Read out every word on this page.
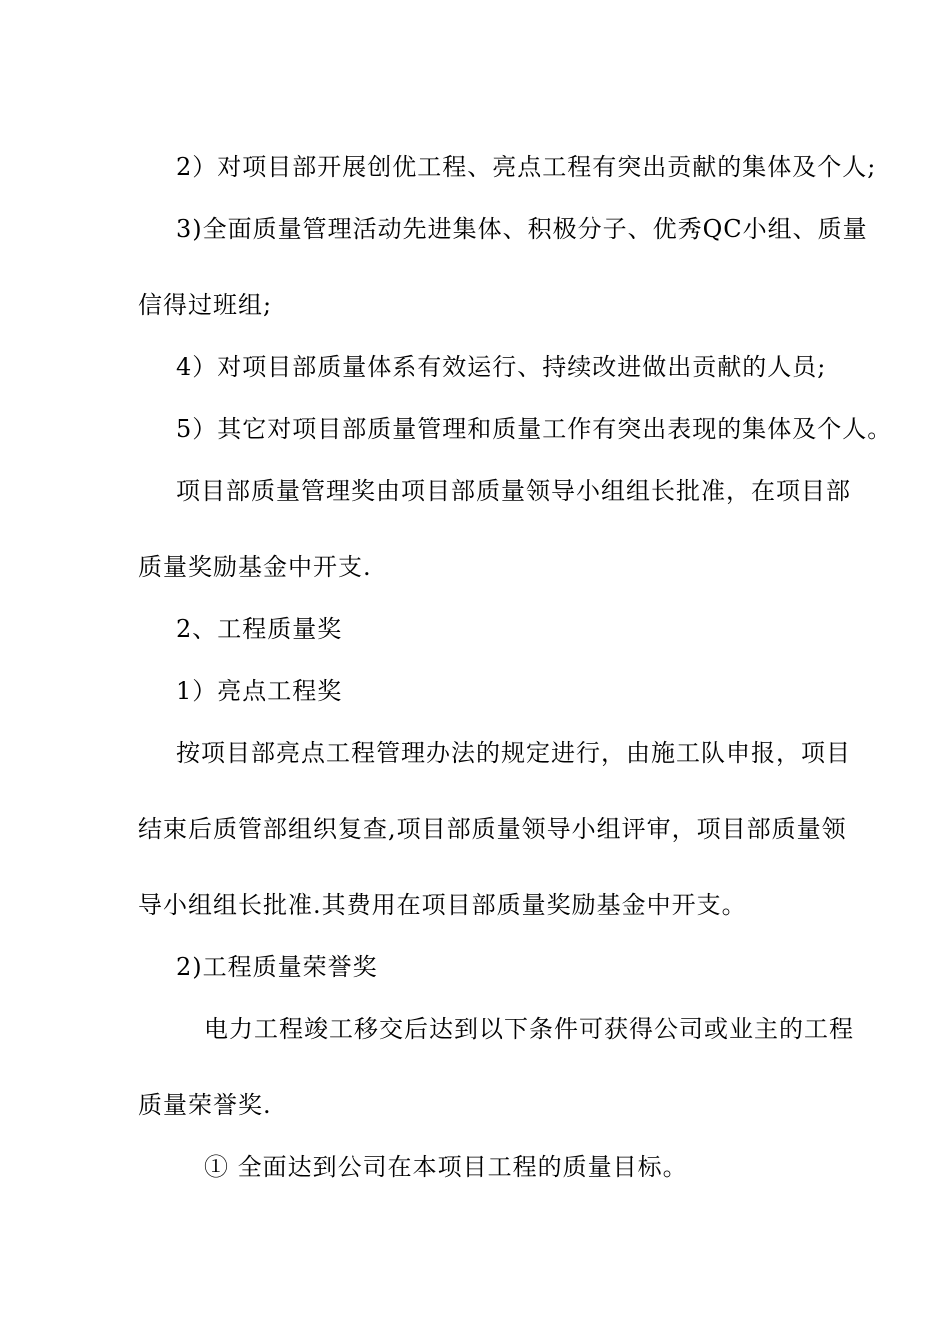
2）对项目部开展创优工程、亮点工程有突出贡献的集体及个人;
3)全面质量管理活动先进集体、积极分子、优秀QC小组、质量
信得过班组;
4）对项目部质量体系有效运行、持续改进做出贡献的人员;
5）其它对项目部质量管理和质量工作有突出表现的集体及个人。
项目部质量管理奖由项目部质量领导小组组长批准，在项目部
质量奖励基金中开支.
2、工程质量奖
1）亮点工程奖
按项目部亮点工程管理办法的规定进行，由施工队申报，项目
结束后质管部组织复查,项目部质量领导小组评审，项目部质量领
导小组组长批准.其费用在项目部质量奖励基金中开支。
2)工程质量荣誉奖
电力工程竣工移交后达到以下条件可获得公司或业主的工程
质量荣誉奖.
① 全面达到公司在本项目工程的质量目标。
